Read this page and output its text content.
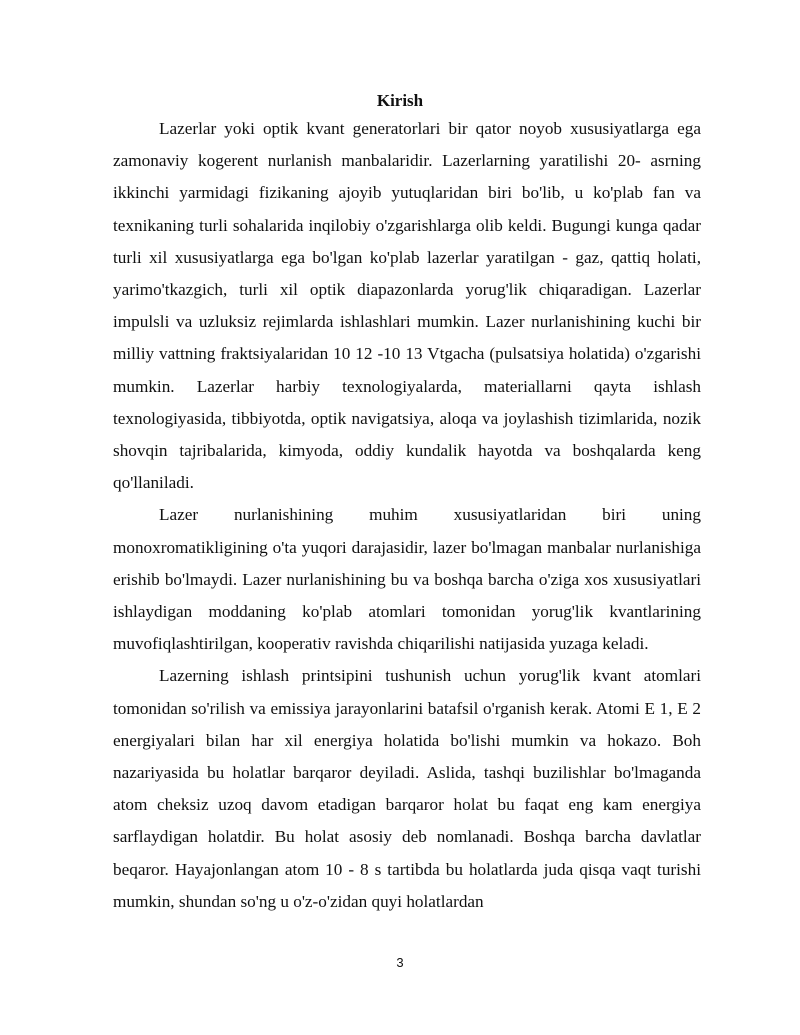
Kirish

Lazerlar yoki optik kvant generatorlari bir qator noyob xususiyatlarga ega zamonaviy kogerent nurlanish manbalaridir. Lazerlarning yaratilishi 20- asrning ikkinchi yarmidagi fizikaning ajoyib yutuqlaridan biri bo'lib, u ko'plab fan va texnikaning turli sohalarida inqilobiy o'zgarishlarga olib keldi. Bugungi kunga qadar turli xil xususiyatlarga ega bo'lgan ko'plab lazerlar yaratilgan - gaz, qattiq holati, yarimo'tkazgich, turli xil optik diapazonlarda yorug'lik chiqaradigan. Lazerlar impulsli va uzluksiz rejimlarda ishlashlari mumkin. Lazer nurlanishining kuchi bir milliy vattning fraktsiyalaridan 10 12 -10 13 Vtgacha (pulsatsiya holatida) o'zgarishi mumkin. Lazerlar harbiy texnologiyalarda, materiallarni qayta ishlash texnologiyasida, tibbiyotda, optik navigatsiya, aloqa va joylashish tizimlarida, nozik shovqin tajribalarida, kimyoda, oddiy kundalik hayotda va boshqalarda keng qo'llaniladi.

Lazer nurlanishining muhim xususiyatlaridan biri uning monoxromatikligining o'ta yuqori darajasidir, lazer bo'lmagan manbalar nurlanishiga erishib bo'lmaydi. Lazer nurlanishining bu va boshqa barcha o'ziga xos xususiyatlari ishlaydigan moddaning ko'plab atomlari tomonidan yorug'lik kvantlarining muvofiqlashtirilgan, kooperativ ravishda chiqarilishi natijasida yuzaga keladi.

Lazerning ishlash printsipini tushunish uchun yorug'lik kvant atomlari tomonidan so'rilish va emissiya jarayonlarini batafsil o'rganish kerak. Atomi E 1, E 2 energiyalari bilan har xil energiya holatida bo'lishi mumkin va hokazo. Boh nazariyasida bu holatlar barqaror deyiladi. Aslida, tashqi buzilishlar bo'lmaganda atom cheksiz uzoq davom etadigan barqaror holat bu faqat eng kam energiya sarflaydigan holatdir. Bu holat asosiy deb nomlanadi. Boshqa barcha davlatlar beqaror. Hayajonlangan atom 10 - 8 s tartibda bu holatlarda juda qisqa vaqt turishi mumkin, shundan so'ng u o'z-o'zidan quyi holatlardan

3
